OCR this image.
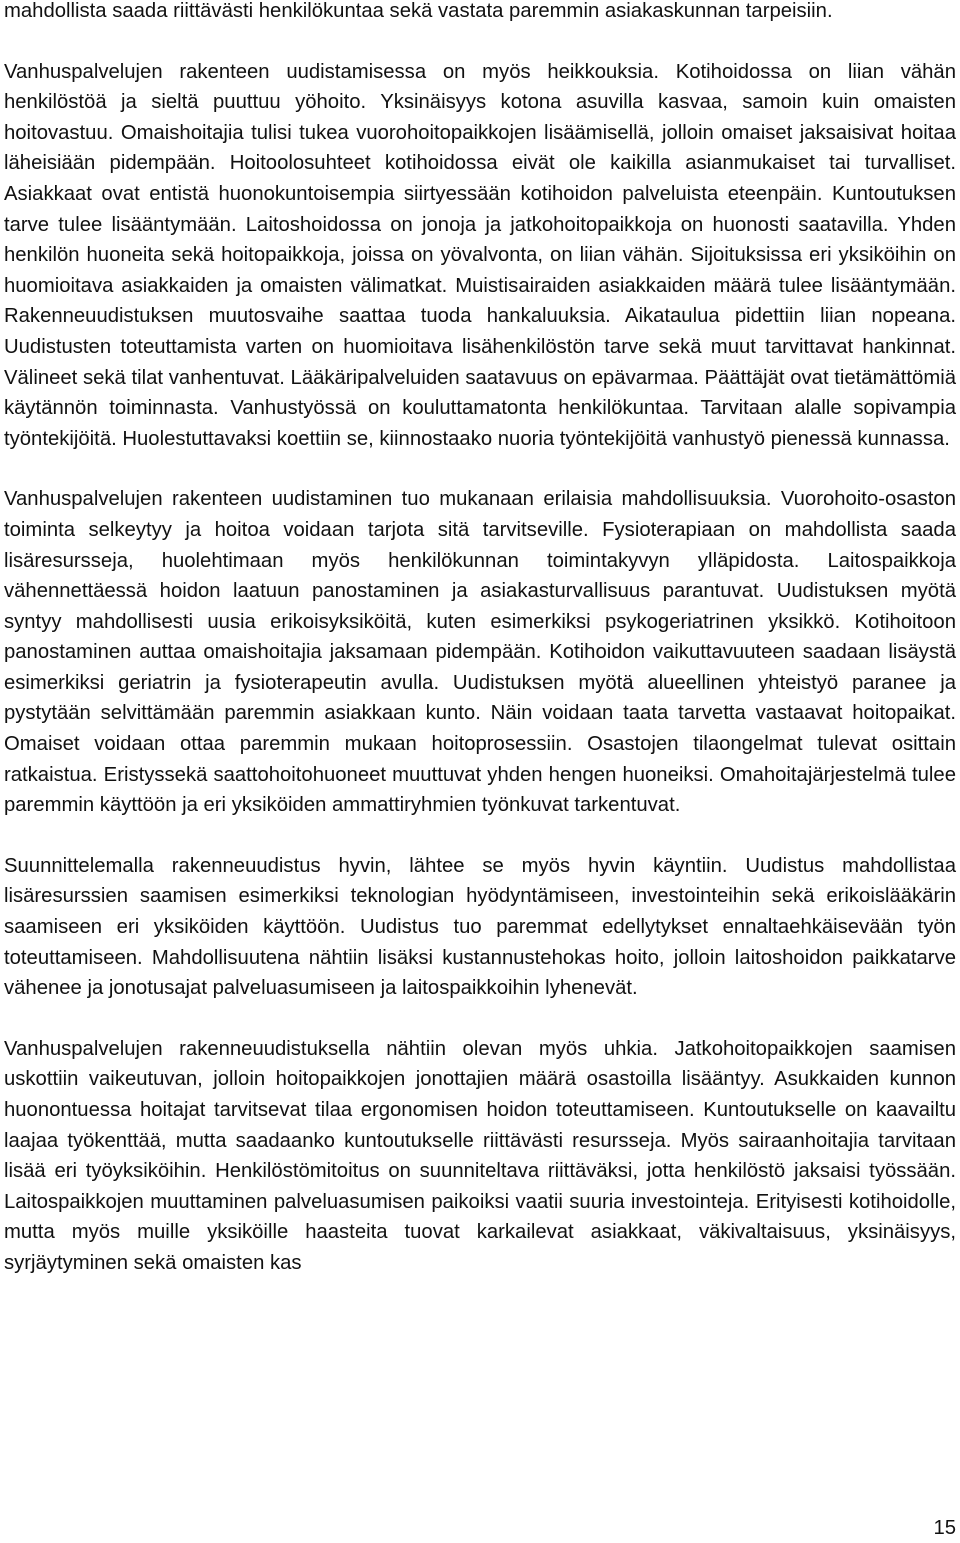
mahdollista saada riittävästi henkilökuntaa sekä vastata paremmin asiakaskunnan tarpeisiin.

Vanhuspalvelujen rakenteen uudistamisessa on myös heikkouksia. Kotihoidossa on liian vähän henkilöstöä ja sieltä puuttuu yöhoito. Yksinäisyys kotona asuvilla kasvaa, samoin kuin omaisten hoitovastuu. Omaishoitajia tulisi tukea vuorohoitopaikkojen lisäämisellä, jolloin omaiset jaksaisivat hoitaa läheisiään pidempään. Hoitoolosuhteet kotihoidossa eivät ole kaikilla asianmukaiset tai turvalliset. Asiakkaat ovat entistä huonokuntoisempia siirtyessään kotihoidon palveluista eteenpäin. Kuntoutuksen tarve tulee lisääntymään. Laitoshoidossa on jonoja ja jatkohoitopaikkoja on huonosti saatavilla. Yhden henkilön huoneita sekä hoitopaikkoja, joissa on yövalvonta, on liian vähän. Sijoituksissa eri yksiköihin on huomioitava asiakkaiden ja omaisten välimatkat. Muistisairaiden asiakkaiden määrä tulee lisääntymään. Rakenneuudistuksen muutosvaihe saattaa tuoda hankaluuksia. Aikataulua pidettiin liian nopeana. Uudistusten toteuttamista varten on huomioitava lisähenkilöstön tarve sekä muut tarvittavat hankinnat. Välineet sekä tilat vanhentuvat. Lääkäripalveluiden saatavuus on epävarmaa. Päättäjät ovat tietämättömiä käytännön toiminnasta. Vanhustyössä on kouluttamatonta henkilökuntaa. Tarvitaan alalle sopivampia työntekijöitä. Huolestuttavaksi koettiin se, kiinnostaako nuoria työntekijöitä vanhustyö pienessä kunnassa.

Vanhuspalvelujen rakenteen uudistaminen tuo mukanaan erilaisia mahdollisuuksia. Vuorohoito-osaston toiminta selkeytyy ja hoitoa voidaan tarjota sitä tarvitseville. Fysioterapiaan on mahdollista saada lisäresursseja, huolehtimaan myös henkilökunnan toimintakyvyn ylläpidosta. Laitospaikkoja vähennettäessä hoidon laatuun panostaminen ja asiakasturvallisuus parantuvat. Uudistuksen myötä syntyy mahdollisesti uusia erikoisyksiköitä, kuten esimerkiksi psykogeriatrinen yksikkö. Kotihoitoon panostaminen auttaa omaishoitajia jaksamaan pidempään. Kotihoidon vaikuttavuuteen saadaan lisäystä esimerkiksi geriatrin ja fysioterapeutin avulla. Uudistuksen myötä alueellinen yhteistyö paranee ja pystytään selvittämään paremmin asiakkaan kunto. Näin voidaan taata tarvetta vastaavat hoitopaikat. Omaiset voidaan ottaa paremmin mukaan hoitoprosessiin. Osastojen tilaongelmat tulevat osittain ratkaistua. Eristyssekä saattohoitohuoneet muuttuvat yhden hengen huoneiksi. Omahoitajärjestelmä tulee paremmin käyttöön ja eri yksiköiden ammattiryhmien työnkuvat tarkentuvat.

Suunnittelemalla rakenneuudistus hyvin, lähtee se myös hyvin käyntiin. Uudistus mahdollistaa lisäresurssien saamisen esimerkiksi teknologian hyödyntämiseen, investointeihin sekä erikoislääkärin saamiseen eri yksiköiden käyttöön. Uudistus tuo paremmat edellytykset ennaltaehkäisevään työn toteuttamiseen. Mahdollisuutena nähtiin lisäksi kustannustehokas hoito, jolloin laitoshoidon paikkatarve vähenee ja jonotusajat palveluasumiseen ja laitospaikkoihin lyhenevät.

Vanhuspalvelujen rakenneuudistuksella nähtiin olevan myös uhkia. Jatkohoitopaikkojen saamisen uskottiin vaikeutuvan, jolloin hoitopaikkojen jonottajien määrä osastoilla lisääntyy. Asukkaiden kunnon huonontuessa hoitajat tarvitsevat tilaa ergonomisen hoidon toteuttamiseen. Kuntoutukselle on kaavailtu laajaa työkenttää, mutta saadaanko kuntoutukselle riittävästi resursseja. Myös sairaanhoitajia tarvitaan lisää eri työyksiköihin. Henkilöstömitoitus on suunniteltava riittäväksi, jotta henkilöstö jaksaisi työssään. Laitospaikkojen muuttaminen palveluasumisen paikoiksi vaatii suuria investointeja. Erityisesti kotihoidolle, mutta myös muille yksiköille haasteita tuovat karkailevat asiakkaat, väkivaltaisuus, yksinäisyys, syrjäytyminen sekä omaisten kas

15
